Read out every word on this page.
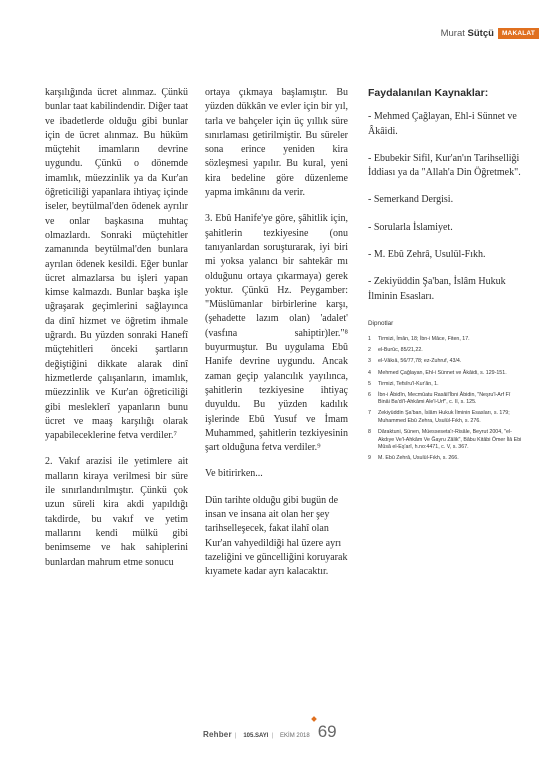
Murat Sütçü	MAKALAT

karşılığında ücret alınmaz. Çünkü bunlar taat kabilindendir. Diğer taat ve ibadetlerde olduğu gibi bunlar için de ücret alınmaz. Bu hüküm müçtehit imamların devrine uygundu. Çünkü o dönemde imamlık, müezzinlik ya da Kur'an öğreticiliği yapanlara ihtiyaç içinde iseler, beytülmal'den ödenek ayrılır ve onlar başkasına muhtaç olmazlardı. Sonraki müçtehitler zamanında beytülmal'den bunlara ayrılan ödenek kesildi. Eğer bunlar ücret almazlarsa bu işleri yapan kimse kalmazdı. Bunlar başka işle uğraşarak geçimlerini sağlayınca da dinî hizmet ve öğretim ihmale uğrardı. Bu yüzden sonraki Hanefî müçtehitleri önceki şartların değiştiğini dikkate alarak dinî hizmetlerde çalışanların, imamlık, müezzinlik ve Kur'an öğreticiliği gibi mesleklerî yapanların bunu ücret ve maaş karşılığı olarak yapabileceklerine fetva verdiler.⁷

2. Vakıf arazisi ile yetimlere ait malların kiraya verilmesi bir süre ile sınırlandırılmıştır. Çünkü çok uzun süreli kira akdi yapıldığı takdirde, bu vakıf ve yetim mallarını kendi mülkü gibi benimseme ve hak sahiplerini bunlardan mahrum etme sonucu

ortaya çıkmaya başlamıştır. Bu yüzden dükkân ve evler için bir yıl, tarla ve bahçeler için üç yıllık süre sınırlaması getirilmiştir. Bu süreler sona erince yeniden kira sözleşmesi yapılır. Bu kural, yeni kira bedeline göre düzenleme yapma imkânını da verir.

3. Ebû Hanife'ye göre, şâhitlik için, şahitlerin tezkiyesine (onu tanıyanlardan soruşturarak, iyi biri mi yoksa yalancı bir sahtekâr mı olduğunu ortaya çıkarmaya) gerek yoktur. Çünkü Hz. Peygamber: "Müslümanlar birbirlerine karşı, (şehadette lazım olan) 'adalet' (vasfına sahiptir)ler."⁸ buyurmuştur. Bu uygulama Ebû Hanife devrine uygundu. Ancak zaman geçip yalancılık yayılınca, şahitlerin tezkiyesine ihtiyaç duyuldu. Bu yüzden kadılık işlerinde Ebû Yusuf ve İmam Muhammed, şahitlerin tezkiyesinin şart olduğuna fetva verdiler.⁹

Ve bitirirken...

Dün tarihte olduğu gibi bugün de insan ve insana ait olan her şey tarihselleşecek, fakat ilahî olan Kur'an vahyedildiği hal üzere ayrı tazeliğini ve güncelliğini koruyarak kıyamete kadar ayrı kalacaktır.

Faydalanılan Kaynaklar:
- Mehmed Çağlayan, Ehl-i Sünnet ve Âkâidi.
- Ebubekir Sifil, Kur'an'ın Tarihselliği İddiası ya da "Allah'a Din Öğretmek".
- Semerkand Dergisi.
- Sorularla İslamiyet.
- M. Ebû Zehrâ, Usulül-Fıkh.
- Zekiyüddin Şa'ban, İslâm Hukuk İlminin Esasları.
Dipnotlar
1	Tirmizi, İmân, 18; İbn-i Mâce, Fiten, 17.
2	el-Burûc, 85/21,22.
3	el-Vâkıâ, 56/77,78; ez-Zuhruf, 43/4.
4	Mehmed Çağlayan, Ehl-i Sünnet ve Âkâidi, s. 129-151.
5	Tirmizi, Tefsîru'l-Kur'ân, 1.
6	İbn-i Âbidîn, Mecmûatu Rasâil'İbni Âbidin, "Neşru'l-Arf Fî Binâi Ba'di'l-Ahkâmi Ale'l-Urf", c. II, s. 125.
7	Zekiyüddin Şa'ban, İslâm Hukuk İlminin Esasları, s. 179; Muhammed Ebû Zehra, Usulül-Fıkh, s. 276.
8	Dâraktuni, Sünen, Müesseseta'r-Risâle, Beyrut 2004, "el-Akdıye Ve'l-Ahkâm Ve Ğayru Zâlik", Bâbu Kitâbi Ömer İlâ Ebi Mûsâ el-Eş'arî, h.no:4471, c. V, s. 367.
9	M. Ebû Zehrâ, Usulül-Fıkh, s. 266.
Rehber | 105.SAYI | EKİM 2018 69
